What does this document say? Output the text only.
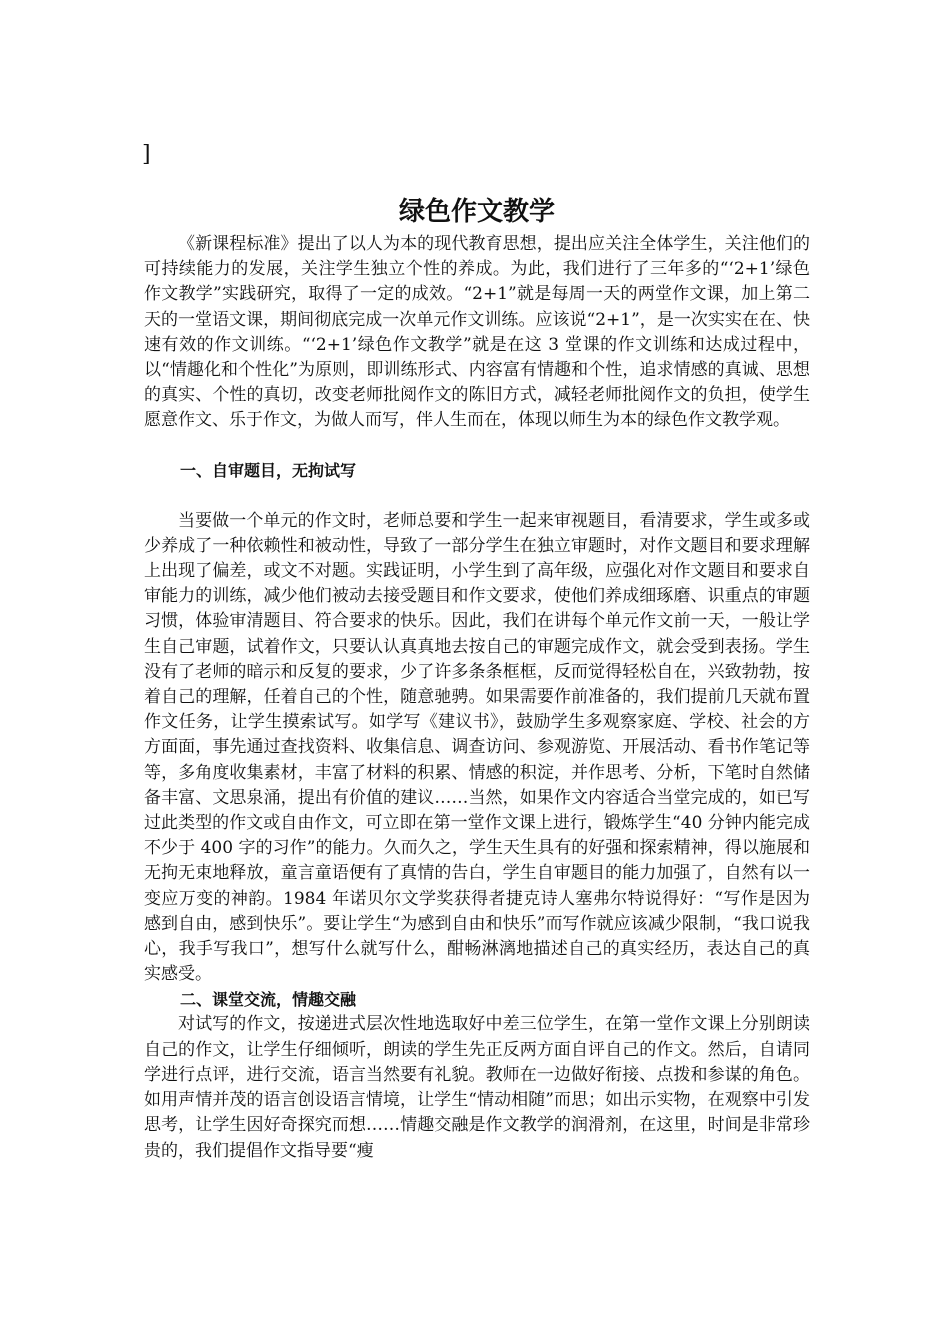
]
绿色作文教学

《新课程标准》提出了以人为本的现代教育思想，提出应关注全体学生，关注他们的可持续能力的发展，关注学生独立个性的养成。为此，我们进行了三年多的“‘2+1’绿色作文教学”实践研究，取得了一定的成效。“2+1”就是每周一天的两堂作文课，加上第二天的一堂语文课，期间彻底完成一次单元作文训练。应该说“2+1”，是一次实实在在、快速有效的作文训练。“‘2+1’绿色作文教学”就是在这 3 堂课的作文训练和达成过程中，以“情趣化和个性化”为原则，即训练形式、内容富有情趣和个性，追求情感的真诚、思想的真实、个性的真切，改变老师批阅作文的陈旧方式，减轻老师批阅作文的负担，使学生愿意作文、乐于作文，为做人而写，伴人生而在，体现以师生为本的绿色作文教学观。

一、自审题目，无拘试写

当要做一个单元的作文时，老师总要和学生一起来审视题目，看清要求，学生或多或少养成了一种依赖性和被动性，导致了一部分学生在独立审题时，对作文题目和要求理解上出现了偏差，或文不对题。实践证明，小学生到了高年级，应强化对作文题目和要求自审能力的训练，减少他们被动去接受题目和作文要求，使他们养成细琢磨、识重点的审题习惯，体验审清题目、符合要求的快乐。因此，我们在讲每个单元作文前一天，一般让学生自己审题，试着作文，只要认认真真地去按自己的审题完成作文，就会受到表扬。学生没有了老师的暗示和反复的要求，少了许多条条框框，反而觉得轻松自在，兴致勃勃，按着自己的理解，任着自己的个性，随意驰骋。如果需要作前准备的，我们提前几天就布置作文任务，让学生摸索试写。如学写《建议书》，鼓励学生多观察家庭、学校、社会的方方面面，事先通过查找资料、收集信息、调查访问、参观游览、开展活动、看书作笔记等等，多角度收集素材，丰富了材料的积累、情感的积淀，并作思考、分析，下笔时自然储备丰富、文思泉涌，提出有价值的建议……当然，如果作文内容适合当堂完成的，如已写过此类型的作文或自由作文，可立即在第一堂作文课上进行，锻炼学生“40 分钟内能完成不少于 400 字的习作”的能力。久而久之，学生天生具有的好强和探索精神，得以施展和无拘无束地释放，童言童语便有了真情的告白，学生自审题目的能力加强了，自然有以一变应万变的神韵。1984 年诺贝尔文学奖获得者捷克诗人塞弗尔特说得好：“写作是因为感到自由，感到快乐”。要让学生“为感到自由和快乐”而写作就应该减少限制，“我口说我心，我手写我口”，想写什么就写什么，酣畅淋漓地描述自己的真实经历，表达自己的真实感受。

二、课堂交流，情趣交融

对试写的作文，按递进式层次性地选取好中差三位学生，在第一堂作文课上分别朗读自己的作文，让学生仔细倾听，朗读的学生先正反两方面自评自己的作文。然后，自请同学进行点评，进行交流，语言当然要有礼貌。教师在一边做好衔接、点拨和参谋的角色。如用声情并茂的语言创设语言情境，让学生“情动相随”而思；如出示实物，在观察中引发思考，让学生因好奇探究而想……情趣交融是作文教学的润滑剂，在这里，时间是非常珍贵的，我们提倡作文指导要“瘦
